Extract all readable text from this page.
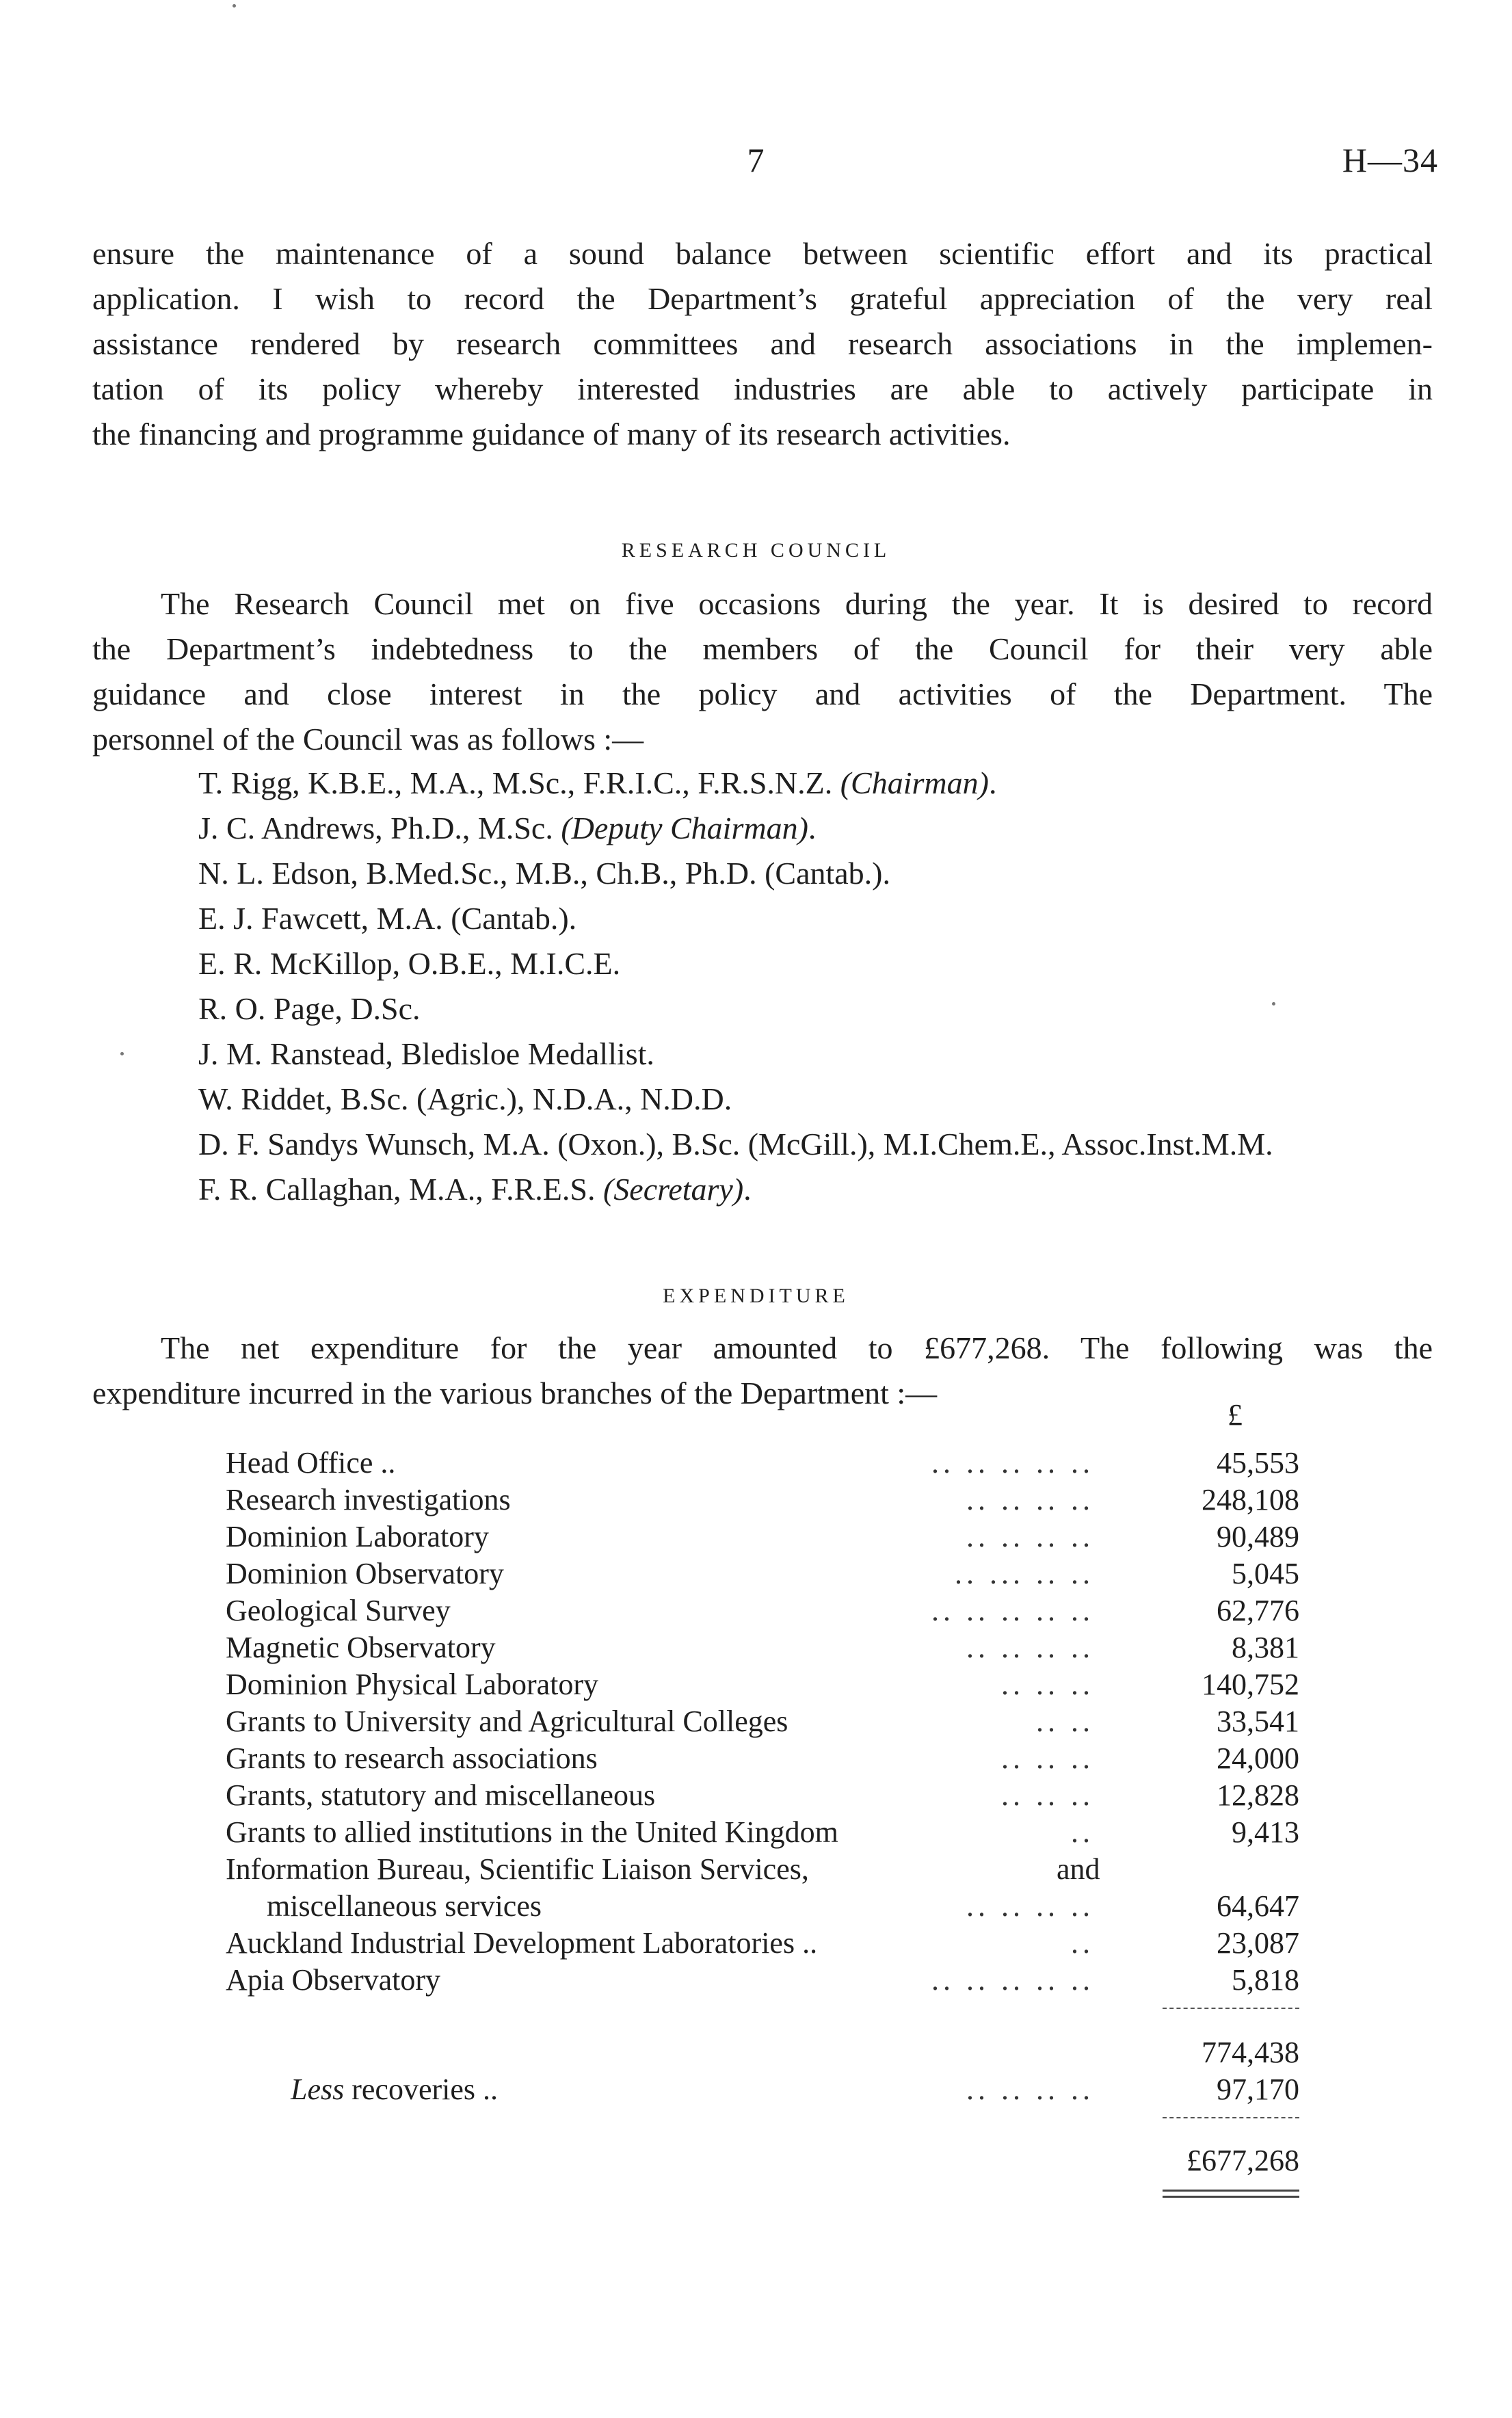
7	H—34
ensure the maintenance of a sound balance between scientific effort and its practical
application. I wish to record the Department’s grateful appreciation of the very real
assistance rendered by research committees and research associations in the implemen-
tation of its policy whereby interested industries are able to actively participate in
the financing and programme guidance of many of its research activities.
RESEARCH COUNCIL
The Research Council met on five occasions during the year. It is desired to record
the Department’s indebtedness to the members of the Council for their very able
guidance and close interest in the policy and activities of the Department. The
personnel of the Council was as follows :—
T. Rigg, K.B.E., M.A., M.Sc., F.R.I.C., F.R.S.N.Z. (Chairman).
J. C. Andrews, Ph.D., M.Sc. (Deputy Chairman).
N. L. Edson, B.Med.Sc., M.B., Ch.B., Ph.D. (Cantab.).
E. J. Fawcett, M.A. (Cantab.).
E. R. McKillop, O.B.E., M.I.C.E.
R. O. Page, D.Sc.
J. M. Ranstead, Bledisloe Medallist.
W. Riddet, B.Sc. (Agric.), N.D.A., N.D.D.
D. F. Sandys Wunsch, M.A. (Oxon.), B.Sc. (McGill.), M.I.Chem.E., Assoc.Inst.M.M.
F. R. Callaghan, M.A., F.R.E.S. (Secretary).
EXPENDITURE
The net expenditure for the year amounted to £677,268. The following was the
expenditure incurred in the various branches of the Department :—
£
Head Office ..	.. .. .. .. ..	45,553
Research investigations	.. .. .. ..	248,108
Dominion Laboratory	.. .. .. ..	90,489
Dominion Observatory	.. ... .. ..	5,045
Geological Survey	.. .. .. .. ..	62,776
Magnetic Observatory	.. .. .. ..	8,381
Dominion Physical Laboratory	.. .. ..	140,752
Grants to University and Agricultural Colleges	.. ..	33,541
Grants to research associations	.. .. ..	24,000
Grants, statutory and miscellaneous	.. .. ..	12,828
Grants to allied institutions in the United Kingdom	..	9,413
Information Bureau, Scientific Liaison Services,	and
miscellaneous services	.. .. .. ..	64,647
Auckland Industrial Development Laboratories ..	..	23,087
Apia Observatory	.. .. .. .. ..	5,818
774,438
Less recoveries ..	.. .. .. ..	97,170
£677,268
